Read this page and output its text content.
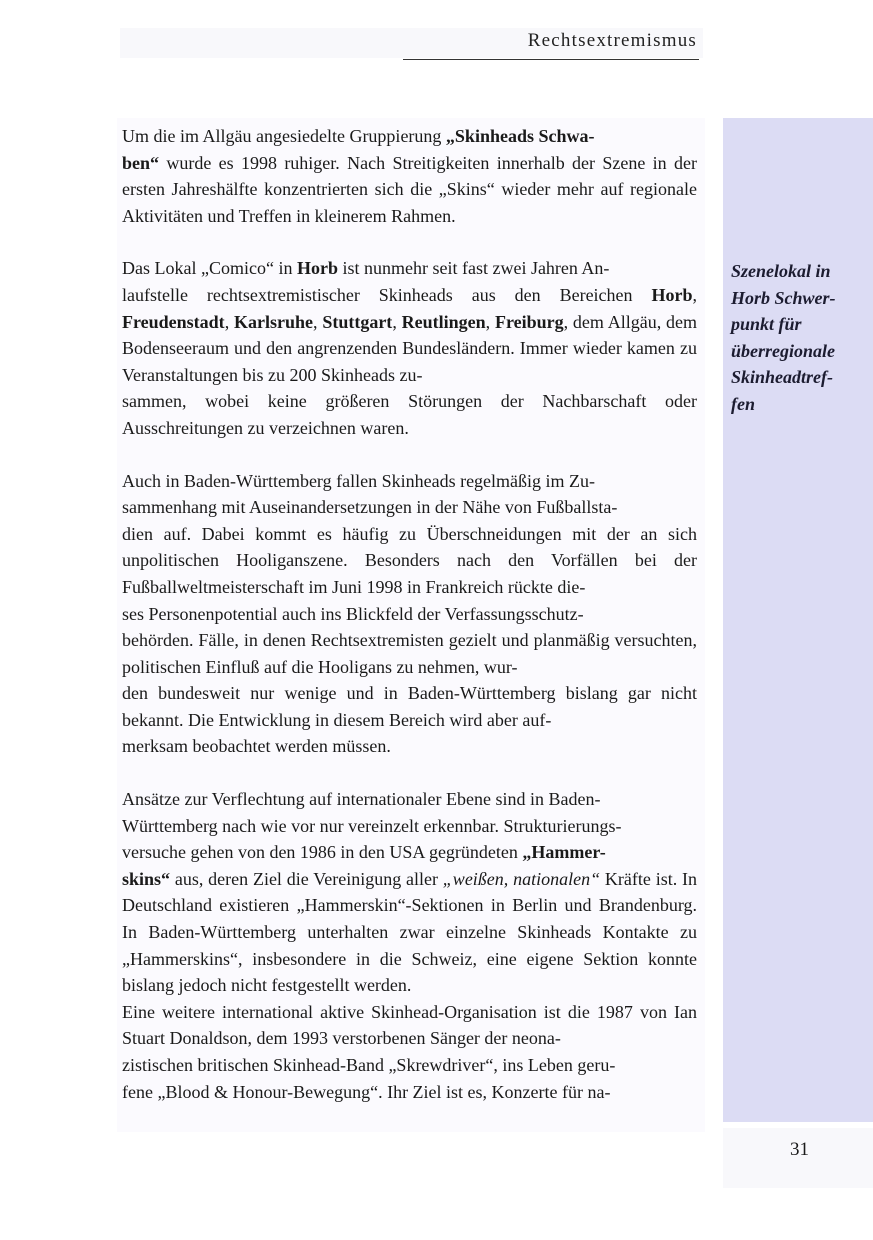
Rechtsextremismus

Um die im Allgäu angesiedelte Gruppierung „Skinheads Schwa-
ben“ wurde es 1998 ruhiger. Nach Streitigkeiten innerhalb der Szene in der ersten Jahreshälfte konzentrierten sich die „Skins“ wieder mehr auf regionale Aktivitäten und Treffen in kleinerem Rahmen.

Das Lokal „Comico“ in Horb ist nunmehr seit fast zwei Jahren An-
laufstelle rechtsextremistischer Skinheads aus den Bereichen Horb, Freudenstadt, Karlsruhe, Stuttgart, Reutlingen, Freiburg, dem Allgäu, dem Bodenseeraum und den angrenzenden Bundesländern. Immer wieder kamen zu Veranstaltungen bis zu 200 Skinheads zu-
sammen, wobei keine größeren Störungen der Nachbarschaft oder Ausschreitungen zu verzeichnen waren.

Auch in Baden-Württemberg fallen Skinheads regelmäßig im Zu-
sammenhang mit Auseinandersetzungen in der Nähe von Fußballsta-
dien auf. Dabei kommt es häufig zu Überschneidungen mit der an sich unpolitischen Hooliganszene. Besonders nach den Vorfällen bei der Fußballweltmeisterschaft im Juni 1998 in Frankreich rückte die-
ses Personenpotential auch ins Blickfeld der Verfassungsschutz-
behörden. Fälle, in denen Rechtsextremisten gezielt und planmäßig versuchten, politischen Einfluß auf die Hooligans zu nehmen, wur-
den bundesweit nur wenige und in Baden-Württemberg bislang gar nicht bekannt. Die Entwicklung in diesem Bereich wird aber auf-
merksam beobachtet werden müssen.

Ansätze zur Verflechtung auf internationaler Ebene sind in Baden-
Württemberg nach wie vor nur vereinzelt erkennbar. Strukturierungs-
versuche gehen von den 1986 in den USA gegründeten „Hammer-
skins“ aus, deren Ziel die Vereinigung aller „weißen, nationalen“ Kräfte ist. In Deutschland existieren „Hammerskin“-Sektionen in Berlin und Brandenburg. In Baden-Württemberg unterhalten zwar einzelne Skinheads Kontakte zu „Hammerskins“, insbesondere in die Schweiz, eine eigene Sektion konnte bislang jedoch nicht festgestellt werden.

Eine weitere international aktive Skinhead-Organisation ist die 1987 von Ian Stuart Donaldson, dem 1993 verstorbenen Sänger der neona-
zistischen britischen Skinhead-Band „Skrewdriver“, ins Leben geru-
fene „Blood & Honour-Bewegung“. Ihr Ziel ist es, Konzerte für na-

Szenelokal in
Horb Schwer-
punkt für
überregionale
Skinheadtref-
fen
31
